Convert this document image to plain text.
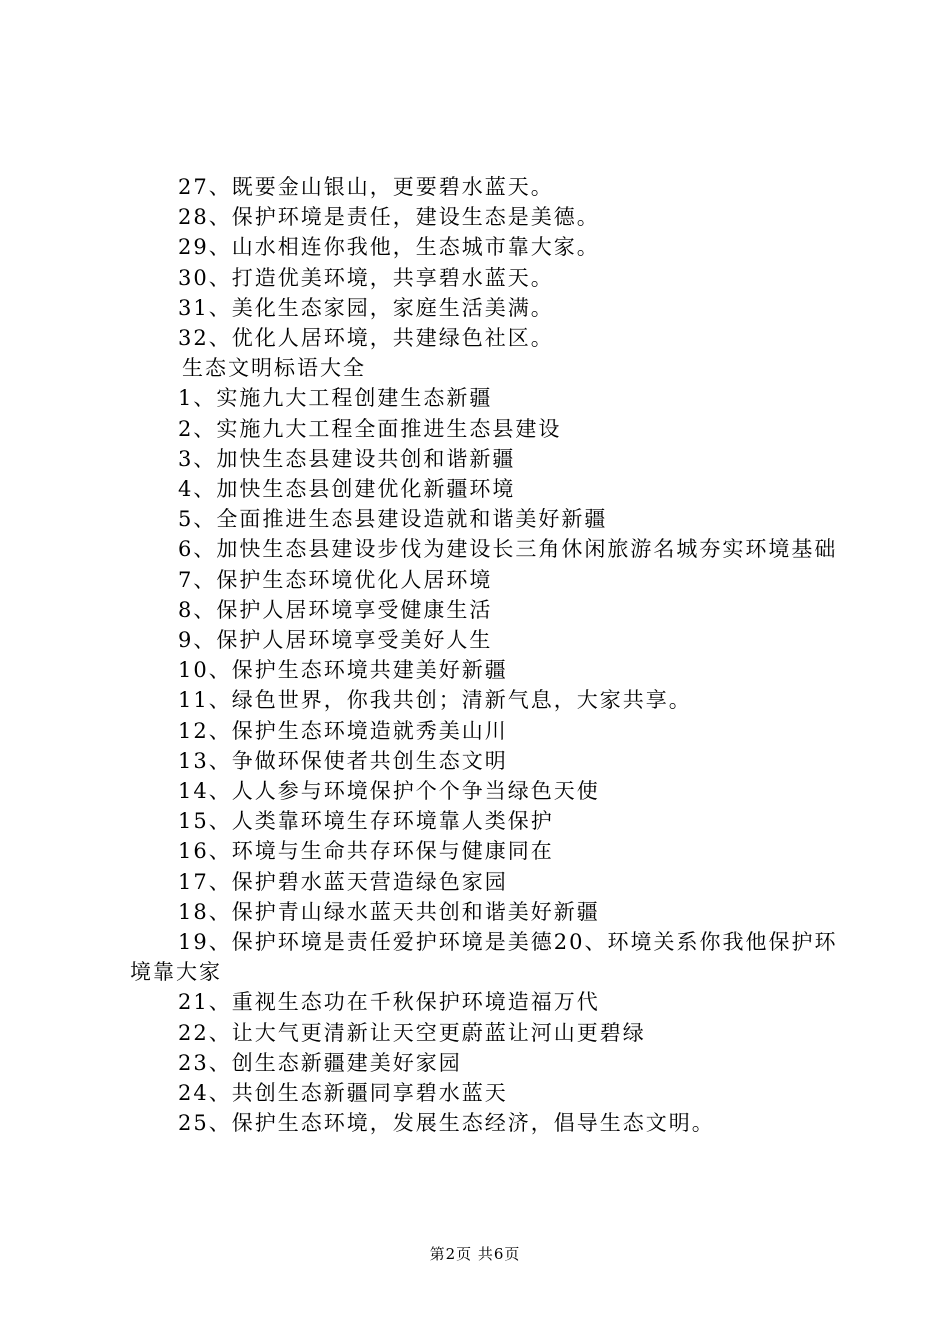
27、既要金山银山，更要碧水蓝天。
28、保护环境是责任，建设生态是美德。
29、山水相连你我他，生态城市靠大家。
30、打造优美环境，共享碧水蓝天。
31、美化生态家园，家庭生活美满。
32、优化人居环境，共建绿色社区。
生态文明标语大全
1、实施九大工程创建生态新疆
2、实施九大工程全面推进生态县建设
3、加快生态县建设共创和谐新疆
4、加快生态县创建优化新疆环境
5、全面推进生态县建设造就和谐美好新疆
6、加快生态县建设步伐为建设长三角休闲旅游名城夯实环境基础
7、保护生态环境优化人居环境
8、保护人居环境享受健康生活
9、保护人居环境享受美好人生
10、保护生态环境共建美好新疆
11、绿色世界，你我共创；清新气息，大家共享。
12、保护生态环境造就秀美山川
13、争做环保使者共创生态文明
14、人人参与环境保护个个争当绿色天使
15、人类靠环境生存环境靠人类保护
16、环境与生命共存环保与健康同在
17、保护碧水蓝天营造绿色家园
18、保护青山绿水蓝天共创和谐美好新疆
19、保护环境是责任爱护环境是美德20、环境关系你我他保护环境靠大家
21、重视生态功在千秋保护环境造福万代
22、让大气更清新让天空更蔚蓝让河山更碧绿
23、创生态新疆建美好家园
24、共创生态新疆同享碧水蓝天
25、保护生态环境，发展生态经济，倡导生态文明。
第2页 共6页
